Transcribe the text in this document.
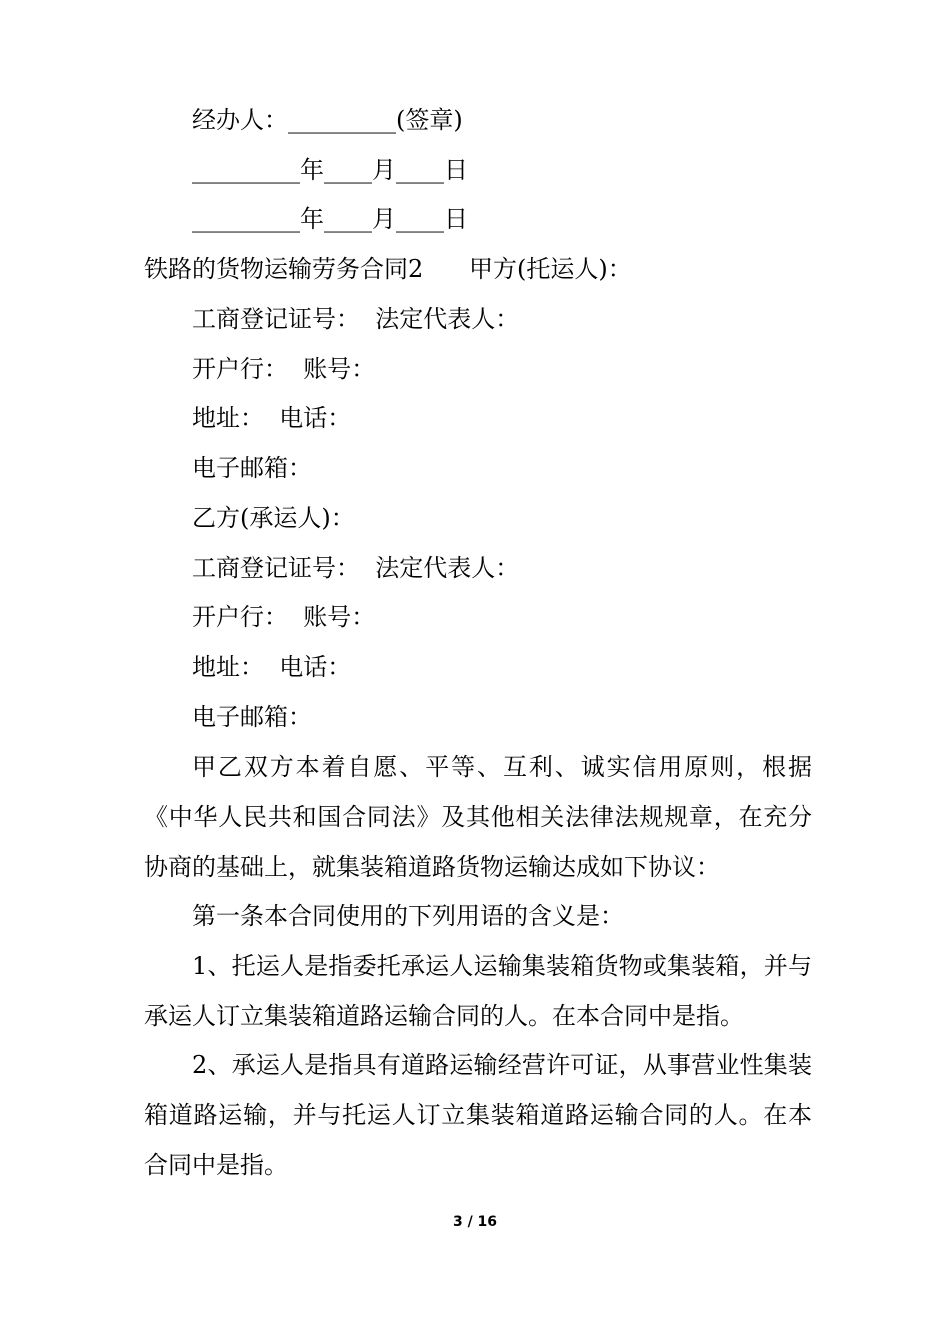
经办人：_________(签章)
_________年____月____日
_________年____月____日
铁路的货物运输劳务合同2      甲方(托运人)：
工商登记证号：  法定代表人：
开户行：  账号：
地址：  电话：
电子邮箱：
乙方(承运人)：
工商登记证号：  法定代表人：
开户行：  账号：
地址：  电话：
电子邮箱：
甲乙双方本着自愿、平等、互利、诚实信用原则，根据《中华人民共和国合同法》及其他相关法律法规规章，在充分协商的基础上，就集装箱道路货物运输达成如下协议：
第一条本合同使用的下列用语的含义是：
1、托运人是指委托承运人运输集装箱货物或集装箱，并与承运人订立集装箱道路运输合同的人。在本合同中是指。
2、承运人是指具有道路运输经营许可证，从事营业性集装箱道路运输，并与托运人订立集装箱道路运输合同的人。在本合同中是指。
3 / 16
